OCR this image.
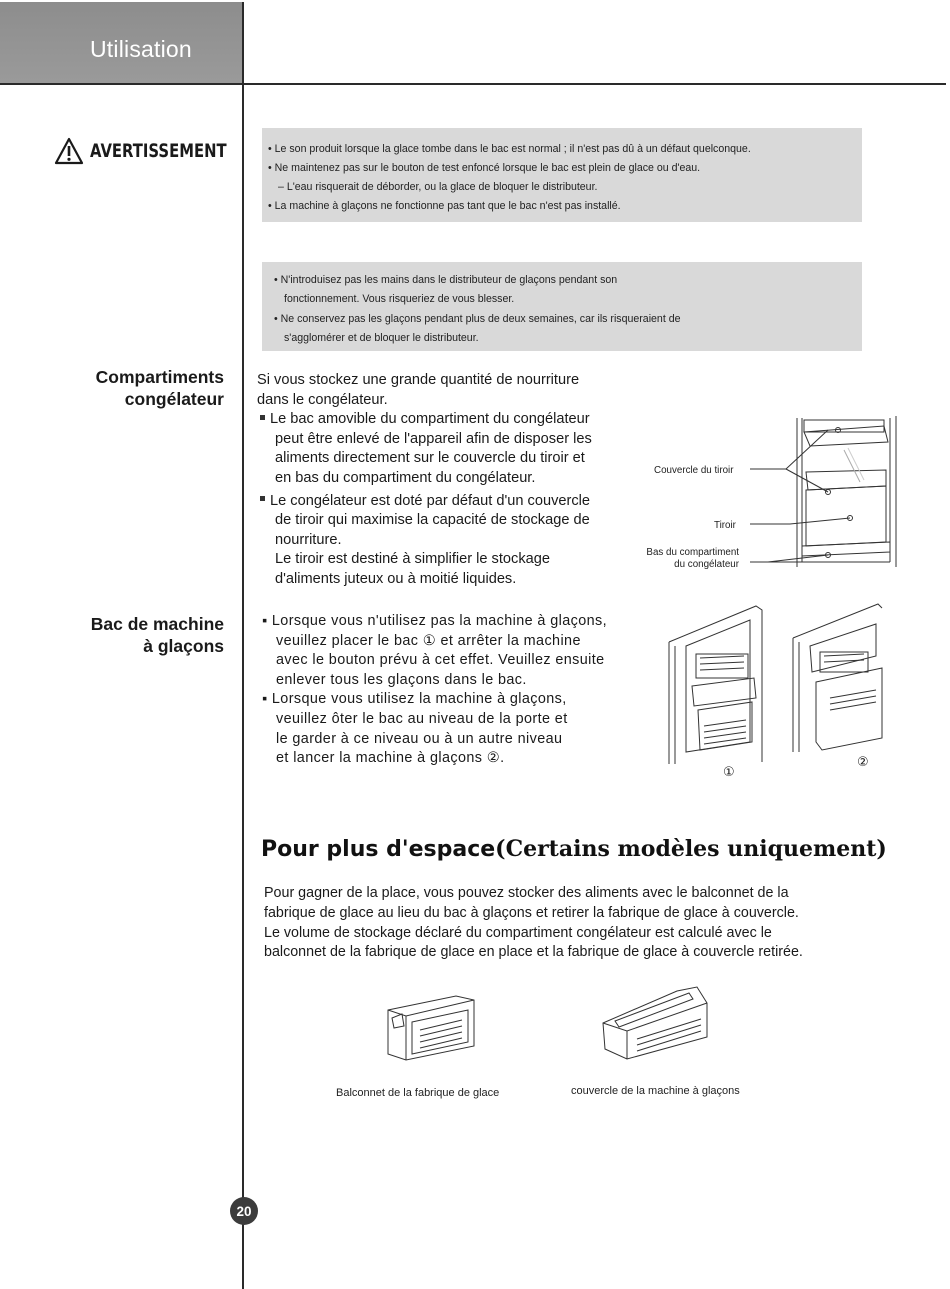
Utilisation
AVERTISSEMENT	• Le son produit lorsque la glace tombe dans le bac est normal ; il n'est pas dû à un défaut quelconque.
• Ne maintenez pas sur le bouton de test enfoncé lorsque le bac est plein de glace ou d'eau.
– L'eau risquerait de déborder, ou la glace de bloquer le distributeur.
• La machine à glaçons ne fonctionne pas tant que le bac n'est pas installé.
• N'introduisez pas les mains dans le distributeur de glaçons pendant son
fonctionnement. Vous risqueriez de vous blesser.
• Ne conservez pas les glaçons pendant plus de deux semaines, car ils risqueraient de
s'agglomérer et de bloquer le distributeur.
Compartiments
congélateur
Si vous stockez une grande quantité de nourriture
dans le congélateur.
Le bac amovible du compartiment du congélateur
peut être enlevé de l'appareil afin de disposer les
aliments directement sur le couvercle du tiroir et
en bas du compartiment du congélateur.
Le congélateur est doté par défaut d'un couvercle
de tiroir qui maximise la capacité de stockage de
nourriture.
Le tiroir est destiné à simplifier le stockage
d'aliments juteux ou à moitié liquides.
Couvercle du tiroir
Tiroir
Bas du compartiment
du congélateur
Bac de machine
à glaçons
▪ Lorsque vous n'utilisez pas la machine à glaçons,
veuillez placer le bac ① et arrêter la machine
avec le bouton prévu à cet effet. Veuillez ensuite
enlever tous les glaçons dans le bac.
▪ Lorsque vous utilisez la machine à glaçons,
veuillez ôter le bac au niveau de la porte et
le garder à ce niveau ou à un autre niveau
et lancer la machine à glaçons ②.
①
②
Pour plus d'espace(Certains modèles uniquement)
Pour gagner de la place, vous pouvez stocker des aliments avec le balconnet de la
fabrique de glace au lieu du bac à glaçons et retirer la fabrique de glace à couvercle.
Le volume de stockage déclaré du compartiment congélateur est calculé avec le
balconnet de la fabrique de glace en place et la fabrique de glace à couvercle retirée.
Balconnet de la fabrique de glace	couvercle de la machine à glaçons
20
